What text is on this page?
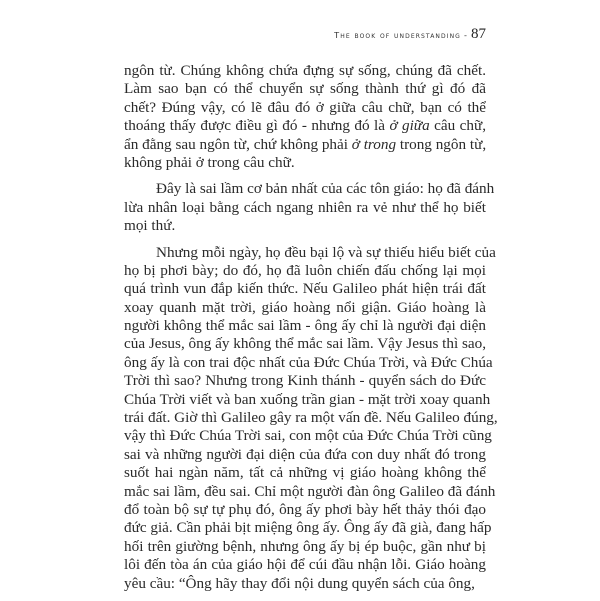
The book of understanding - 87
ngôn từ. Chúng không chứa đựng sự sống, chúng đã chết.
Làm sao bạn có thể chuyển sự sống thành thứ gì đó đã
chết? Đúng vậy, có lẽ đâu đó ở giữa câu chữ, bạn có thể
thoáng thấy được điều gì đó - nhưng đó là ở giữa câu chữ,
ẩn đằng sau ngôn từ, chứ không phải ở trong trong ngôn từ,
không phải ở trong câu chữ.
Đây là sai lầm cơ bản nhất của các tôn giáo: họ đã đánh
lừa nhân loại bằng cách ngang nhiên ra vẻ như thể họ biết
mọi thứ.
Nhưng mỗi ngày, họ đều bại lộ và sự thiếu hiểu biết của
họ bị phơi bày; do đó, họ đã luôn chiến đấu chống lại mọi
quá trình vun đắp kiến thức. Nếu Galileo phát hiện trái đất
xoay quanh mặt trời, giáo hoàng nổi giận. Giáo hoàng là
người không thể mắc sai lầm - ông ấy chỉ là người đại diện
của Jesus, ông ấy không thể mắc sai lầm. Vậy Jesus thì sao,
ông ấy là con trai độc nhất của Đức Chúa Trời, và Đức Chúa
Trời thì sao? Nhưng trong Kinh thánh - quyển sách do Đức
Chúa Trời viết và ban xuống trần gian - mặt trời xoay quanh
trái đất. Giờ thì Galileo gây ra một vấn đề. Nếu Galileo đúng,
vậy thì Đức Chúa Trời sai, con một của Đức Chúa Trời cũng
sai và những người đại diện của đứa con duy nhất đó trong
suốt hai ngàn năm, tất cả những vị giáo hoàng không thể
mắc sai lầm, đều sai. Chỉ một người đàn ông Galileo đã đánh
đổ toàn bộ sự tự phụ đó, ông ấy phơi bày hết thảy thói đạo
đức giả. Cần phải bịt miệng ông ấy. Ông ấy đã già, đang hấp
hối trên giường bệnh, nhưng ông ấy bị ép buộc, gần như bị
lôi đến tòa án của giáo hội để cúi đầu nhận lỗi. Giáo hoàng
yêu cầu: “Ông hãy thay đổi nội dung quyển sách của ông,
